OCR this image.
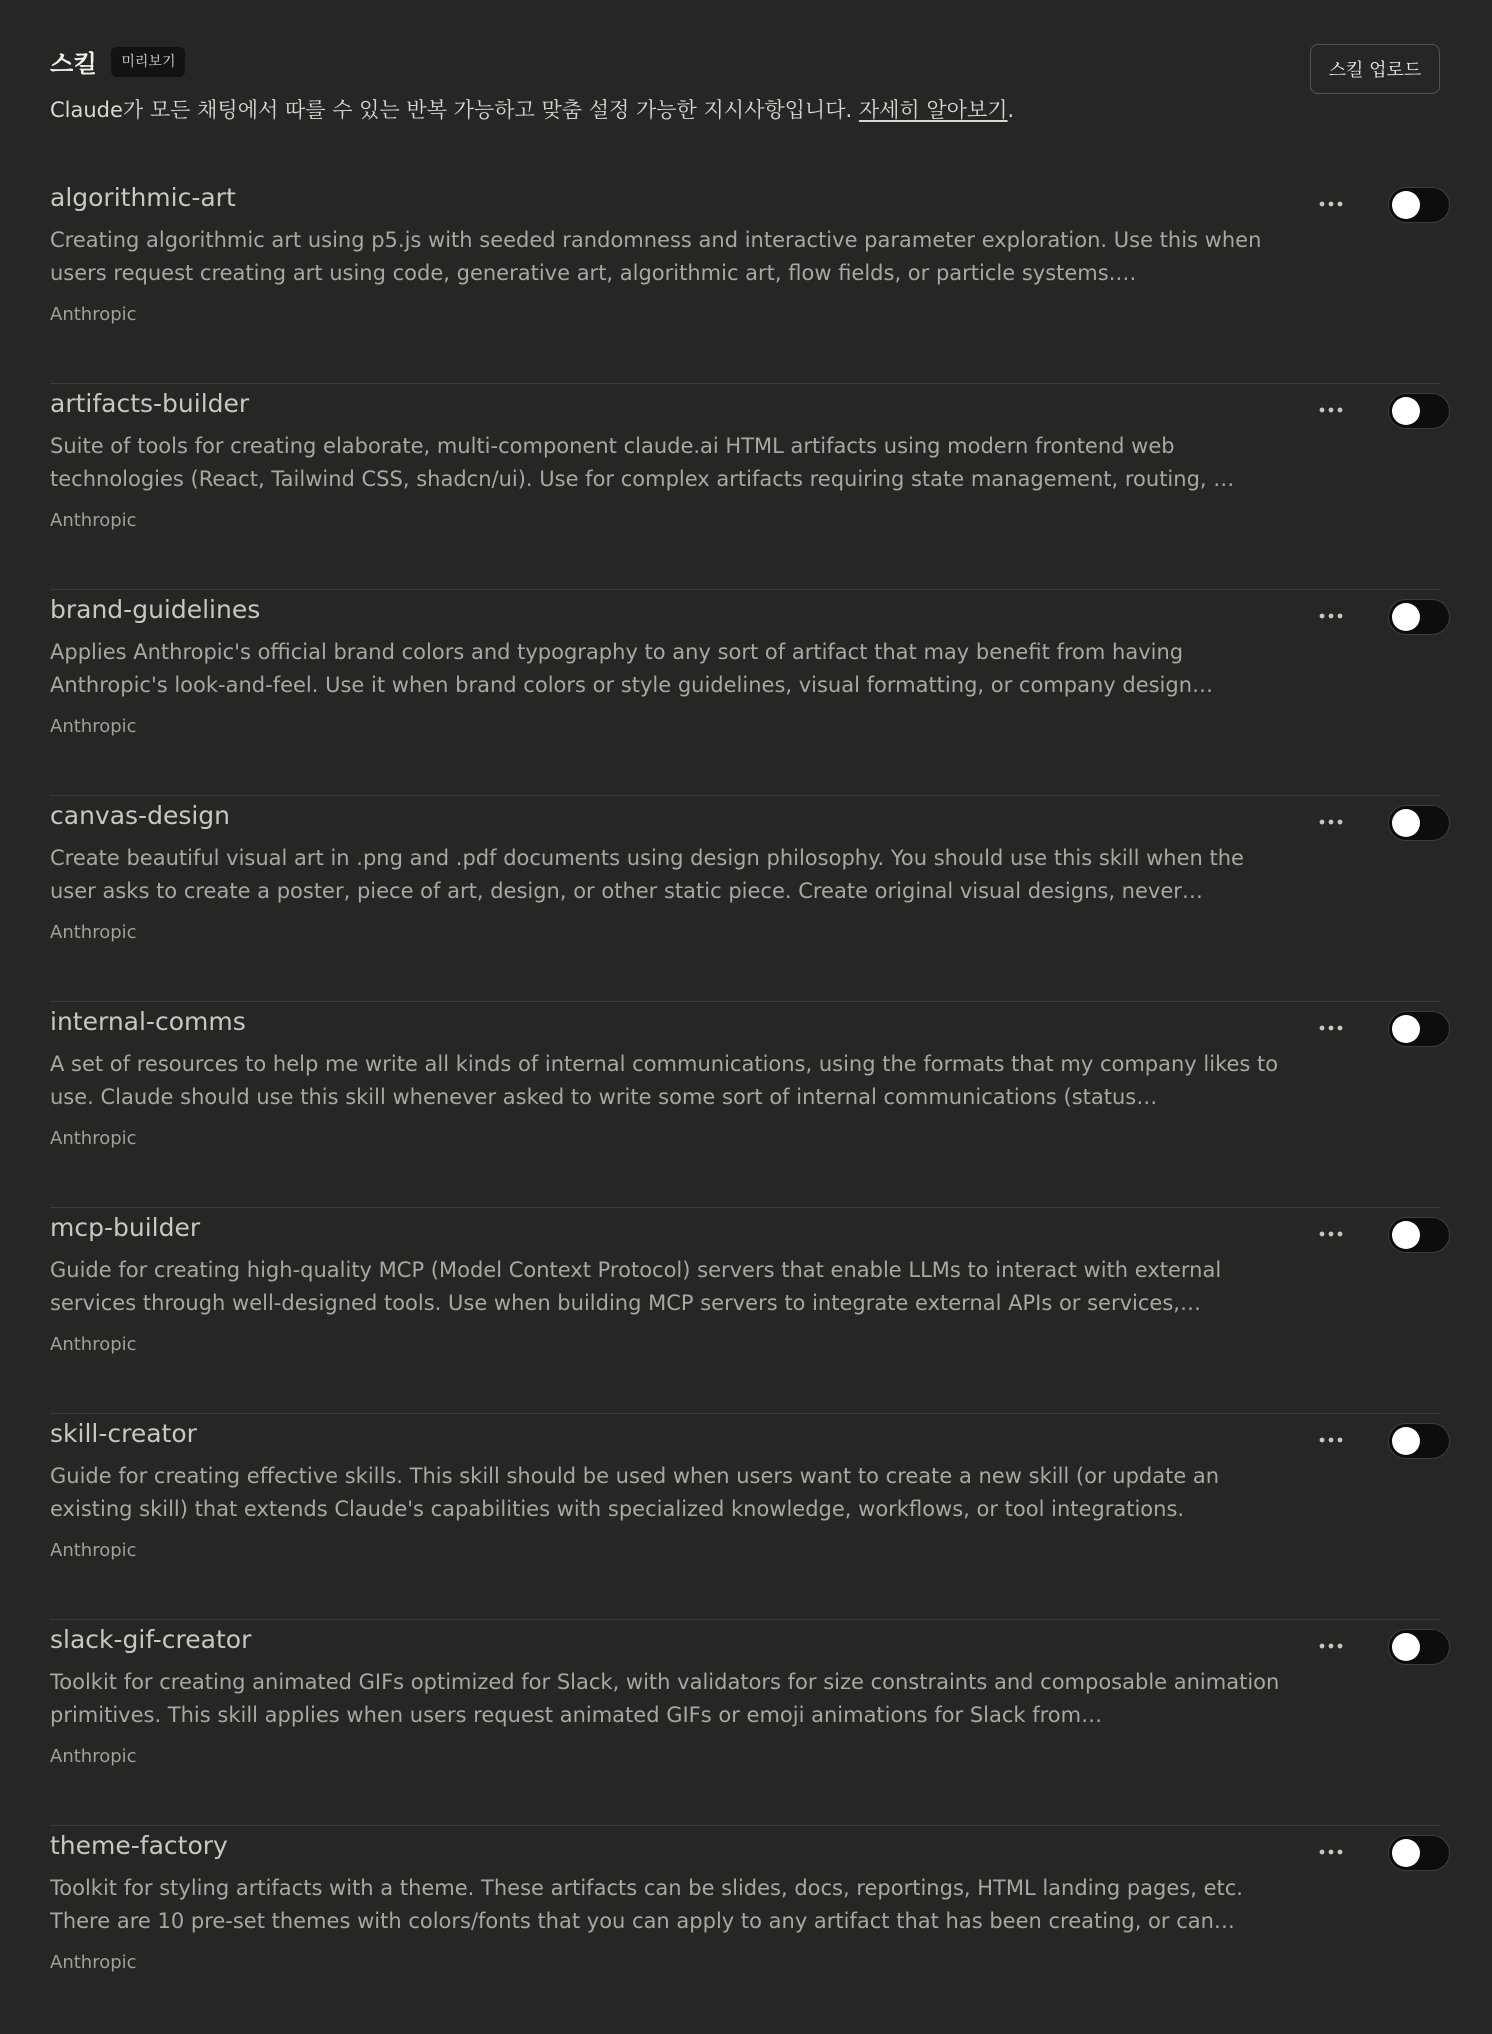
스킬	미리보기
Claude가 모든 채팅에서 따를 수 있는 반복 가능하고 맞춤 설정 가능한 지시사항입니다. 자세히 알아보기.
스킬 업로드
algorithmic-art
Creating algorithmic art using p5.js with seeded randomness and interactive parameter exploration. Use this when users request creating art using code, generative art, algorithmic art, flow fields, or particle systems.…
Anthropic
artifacts-builder
Suite of tools for creating elaborate, multi-component claude.ai HTML artifacts using modern frontend web technologies (React, Tailwind CSS, shadcn/ui). Use for complex artifacts requiring state management, routing, …
Anthropic
brand-guidelines
Applies Anthropic's official brand colors and typography to any sort of artifact that may benefit from having Anthropic's look-and-feel. Use it when brand colors or style guidelines, visual formatting, or company design…
Anthropic
canvas-design
Create beautiful visual art in .png and .pdf documents using design philosophy. You should use this skill when the user asks to create a poster, piece of art, design, or other static piece. Create original visual designs, never…
Anthropic
internal-comms
A set of resources to help me write all kinds of internal communications, using the formats that my company likes to use. Claude should use this skill whenever asked to write some sort of internal communications (status…
Anthropic
mcp-builder
Guide for creating high-quality MCP (Model Context Protocol) servers that enable LLMs to interact with external services through well-designed tools. Use when building MCP servers to integrate external APIs or services,…
Anthropic
skill-creator
Guide for creating effective skills. This skill should be used when users want to create a new skill (or update an existing skill) that extends Claude's capabilities with specialized knowledge, workflows, or tool integrations.
Anthropic
slack-gif-creator
Toolkit for creating animated GIFs optimized for Slack, with validators for size constraints and composable animation primitives. This skill applies when users request animated GIFs or emoji animations for Slack from…
Anthropic
theme-factory
Toolkit for styling artifacts with a theme. These artifacts can be slides, docs, reportings, HTML landing pages, etc. There are 10 pre-set themes with colors/fonts that you can apply to any artifact that has been creating, or can…
Anthropic
